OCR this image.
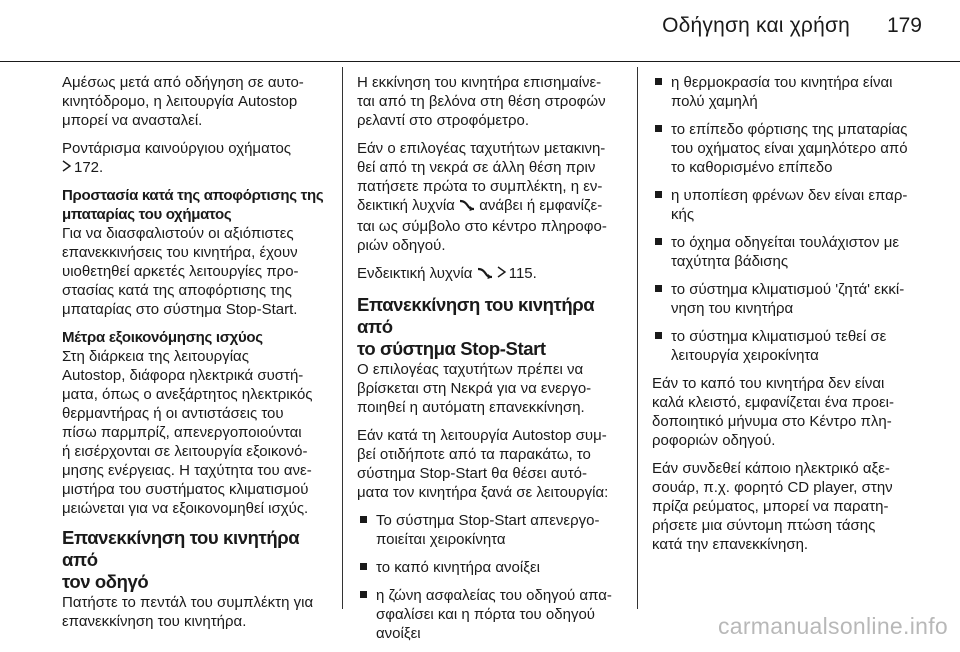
Οδήγηση και χρήση 179

Αμέσως μετά από οδήγηση σε αυτο-
κινητόδρομο, η λειτουργία Autostop
μπορεί να ανασταλεί.

Ροντάρισμα καινούργιου οχήματος
172.

Προστασία κατά της αποφόρτισης της
μπαταρίας του οχήματος

Για να διασφαλιστούν οι αξιόπιστες
επανεκκινήσεις του κινητήρα, έχουν
υιοθετηθεί αρκετές λειτουργίες προ-
στασίας κατά της αποφόρτισης της
μπαταρίας στο σύστημα Stop-Start.

Μέτρα εξοικονόμησης ισχύος

Στη διάρκεια της λειτουργίας
Autostop, διάφορα ηλεκτρικά συστή-
ματα, όπως ο ανεξάρτητος ηλεκτρικός
θερμαντήρας ή οι αντιστάσεις του
πίσω παρμπρίζ, απενεργοποιούνται
ή εισέρχονται σε λειτουργία εξοικονό-
μησης ενέργειας. Η ταχύτητα του ανε-
μιστήρα του συστήματος κλιματισμού
μειώνεται για να εξοικονομηθεί ισχύς.

Επανεκκίνηση του κινητήρα από
τον οδηγό

Πατήστε το πεντάλ του συμπλέκτη για
επανεκκίνηση του κινητήρα.

Η εκκίνηση του κινητήρα επισημαίνε-
ται από τη βελόνα στη θέση στροφών
ρελαντί στο στροφόμετρο.

Εάν ο επιλογέας ταχυτήτων μετακινη-
θεί από τη νεκρά σε άλλη θέση πριν
πατήσετε πρώτα το συμπλέκτη, η εν-
δεικτική λυχνία ανάβει ή εμφανίζε-
ται ως σύμβολο στο κέντρο πληροφο-
ριών οδηγού.

Ενδεικτική λυχνία 115.

Επανεκκίνηση του κινητήρα από
το σύστημα Stop-Start

Ο επιλογέας ταχυτήτων πρέπει να
βρίσκεται στη Νεκρά για να ενεργο-
ποιηθεί η αυτόματη επανεκκίνηση.

Εάν κατά τη λειτουργία Autostop συμ-
βεί οτιδήποτε από τα παρακάτω, το
σύστημα Stop-Start θα θέσει αυτό-
ματα τον κινητήρα ξανά σε λειτουργία:

Το σύστημα Stop-Start απενεργο-
ποιείται χειροκίνητα
το καπό κινητήρα ανοίξει
η ζώνη ασφαλείας του οδηγού απα-
σφαλίσει και η πόρτα του οδηγού
ανοίξει
η θερμοκρασία του κινητήρα είναι
πολύ χαμηλή
το επίπεδο φόρτισης της μπαταρίας
του οχήματος είναι χαμηλότερο από
το καθορισμένο επίπεδο
η υποπίεση φρένων δεν είναι επαρ-
κής
το όχημα οδηγείται τουλάχιστον με
ταχύτητα βάδισης
το σύστημα κλιματισμού 'ζητά' εκκί-
νηση του κινητήρα
το σύστημα κλιματισμού τεθεί σε
λειτουργία χειροκίνητα

Εάν το καπό του κινητήρα δεν είναι
καλά κλειστό, εμφανίζεται ένα προει-
δοποιητικό μήνυμα στο Κέντρο πλη-
ροφοριών οδηγού.

Εάν συνδεθεί κάποιο ηλεκτρικό αξε-
σουάρ, π.χ. φορητό CD player, στην
πρίζα ρεύματος, μπορεί να παρατη-
ρήσετε μια σύντομη πτώση τάσης
κατά την επανεκκίνηση.

carmanualsonline.info
